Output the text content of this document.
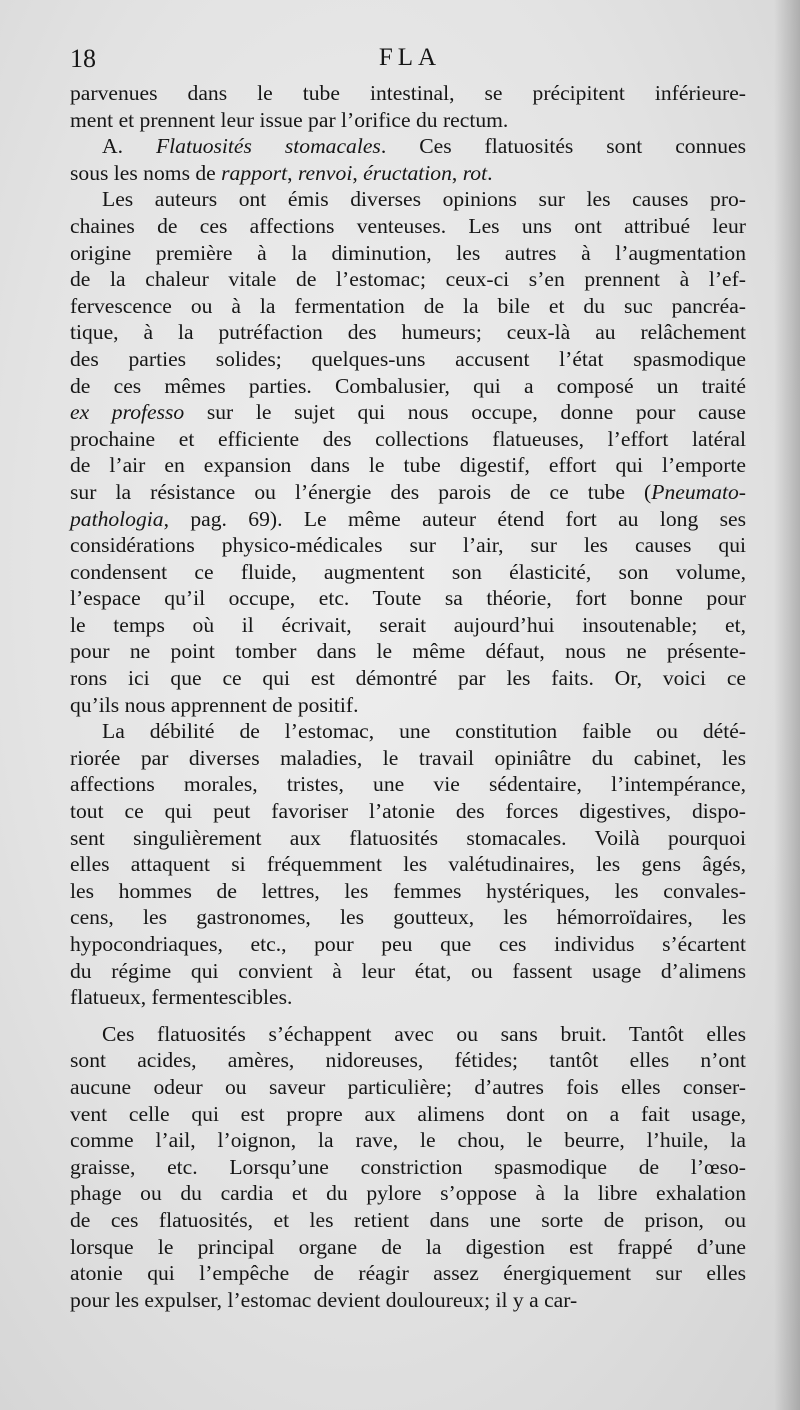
18	FLA
parvenues dans le tube intestinal, se précipitent inférieure-
ment et prennent leur issue par l’orifice du rectum.
A. Flatuosités stomacales. Ces flatuosités sont connues
sous les noms de rapport, renvoi, éructation, rot.
Les auteurs ont émis diverses opinions sur les causes pro-
chaines de ces affections venteuses. Les uns ont attribué leur
origine première à la diminution, les autres à l’augmentation
de la chaleur vitale de l’estomac; ceux-ci s’en prennent à l’ef-
fervescence ou à la fermentation de la bile et du suc pancréa-
tique, à la putréfaction des humeurs; ceux-là au relâchement
des parties solides; quelques-uns accusent l’état spasmodique
de ces mêmes parties. Combalusier, qui a composé un traité
ex professo sur le sujet qui nous occupe, donne pour cause
prochaine et efficiente des collections flatueuses, l’effort latéral
de l’air en expansion dans le tube digestif, effort qui l’emporte
sur la résistance ou l’énergie des parois de ce tube (Pneumato-
pathologia, pag. 69). Le même auteur étend fort au long ses
considérations physico-médicales sur l’air, sur les causes qui
condensent ce fluide, augmentent son élasticité, son volume,
l’espace qu’il occupe, etc. Toute sa théorie, fort bonne pour
le temps où il écrivait, serait aujourd’hui insoutenable; et,
pour ne point tomber dans le même défaut, nous ne présente-
rons ici que ce qui est démontré par les faits. Or, voici ce
qu’ils nous apprennent de positif.
La débilité de l’estomac, une constitution faible ou dété-
riorée par diverses maladies, le travail opiniâtre du cabinet, les
affections morales, tristes, une vie sédentaire, l’intempérance,
tout ce qui peut favoriser l’atonie des forces digestives, dispo-
sent singulièrement aux flatuosités stomacales. Voilà pourquoi
elles attaquent si fréquemment les valétudinaires, les gens âgés,
les hommes de lettres, les femmes hystériques, les convales-
cens, les gastronomes, les goutteux, les hémorroïdaires, les
hypocondriaques, etc., pour peu que ces individus s’écartent
du régime qui convient à leur état, ou fassent usage d’alimens
flatueux, fermentescibles.
Ces flatuosités s’échappent avec ou sans bruit. Tantôt elles
sont acides, amères, nidoreuses, fétides; tantôt elles n’ont
aucune odeur ou saveur particulière; d’autres fois elles conser-
vent celle qui est propre aux alimens dont on a fait usage,
comme l’ail, l’oignon, la rave, le chou, le beurre, l’huile, la
graisse, etc. Lorsqu’une constriction spasmodique de l’œso-
phage ou du cardia et du pylore s’oppose à la libre exhalation
de ces flatuosités, et les retient dans une sorte de prison, ou
lorsque le principal organe de la digestion est frappé d’une
atonie qui l’empêche de réagir assez énergiquement sur elles
pour les expulser, l’estomac devient douloureux; il y a car-
